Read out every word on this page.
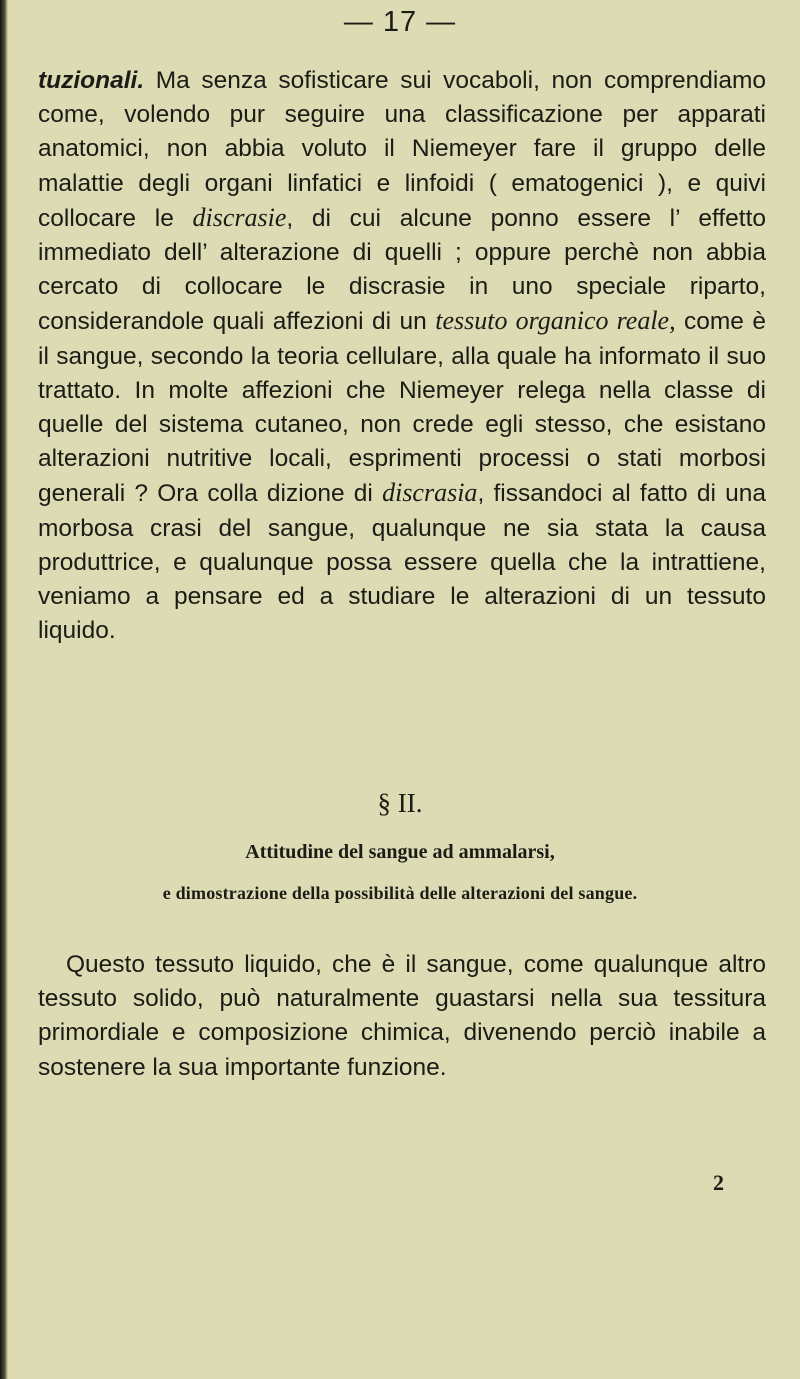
— 17 —
tuzionali. Ma senza sofisticare sui vocaboli, non comprendiamo come, volendo pur seguire una classificazione per apparati anatomici, non abbia voluto il Niemeyer fare il gruppo delle malattie degli organi linfatici e linfoidi ( ematogenici ), e quivi collocare le discrasie, di cui alcune ponno essere l’ effetto immediato dell’ alterazione di quelli ; oppure perchè non abbia cercato di collocare le discrasie in uno speciale riparto, considerandole quali affezioni di un tessuto organico reale, come è il sangue, secondo la teoria cellulare, alla quale ha informato il suo trattato. In molte affezioni che Niemeyer relega nella classe di quelle del sistema cutaneo, non crede egli stesso, che esistano alterazioni nutritive locali, esprimenti processi o stati morbosi generali ? Ora colla dizione di discrasia, fissandoci al fatto di una morbosa crasi del sangue, qualunque ne sia stata la causa produttrice, e qualunque possa essere quella che la intrattiene, veniamo a pensare ed a studiare le alterazioni di un tessuto liquido.
§ II.
Attitudine del sangue ad ammalarsi,
e dimostrazione della possibilità delle alterazioni del sangue.
Questo tessuto liquido, che è il sangue, come qualunque altro tessuto solido, può naturalmente guastarsi nella sua tessitura primordiale e composizione chimica, divenendo perciò inabile a sostenere la sua importante funzione.
2
